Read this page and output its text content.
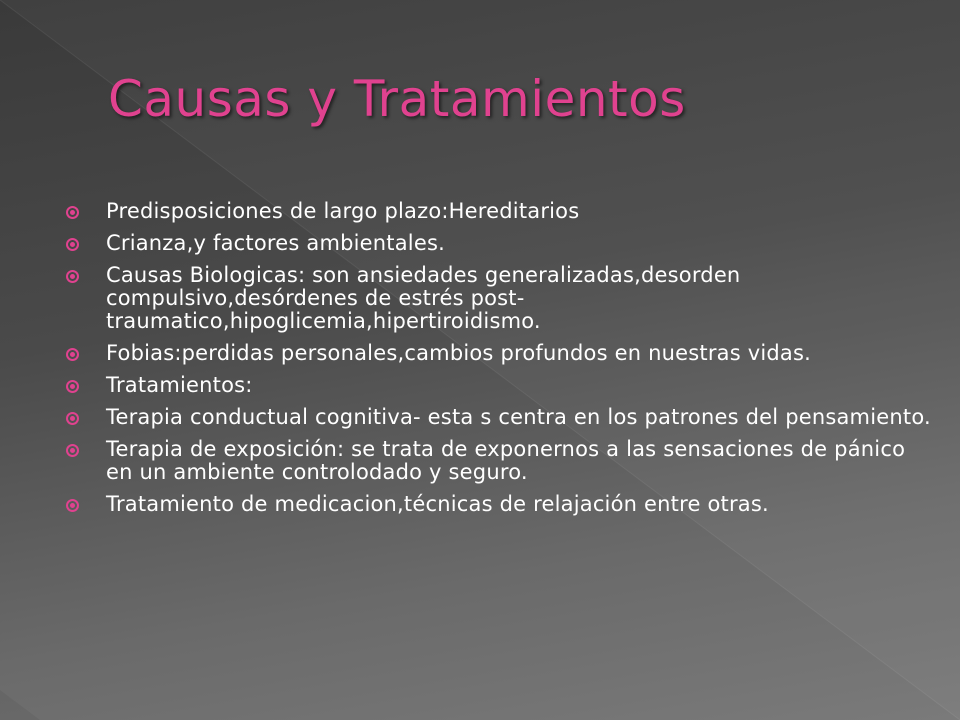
Causas y Tratamientos
Predisposiciones de largo plazo:Hereditarios
Crianza,y factores ambientales.
Causas Biologicas: son ansiedades generalizadas,desorden compulsivo,desórdenes de estrés post-traumatico,hipoglicemia,hipertiroidismo.
Fobias:perdidas personales,cambios profundos en nuestras vidas.
Tratamientos:
Terapia conductual cognitiva- esta s centra en los patrones del pensamiento.
Terapia de exposición: se trata de exponernos a las sensaciones de pánico en un ambiente controlodado y seguro.
Tratamiento de medicacion,técnicas de relajación entre otras.
